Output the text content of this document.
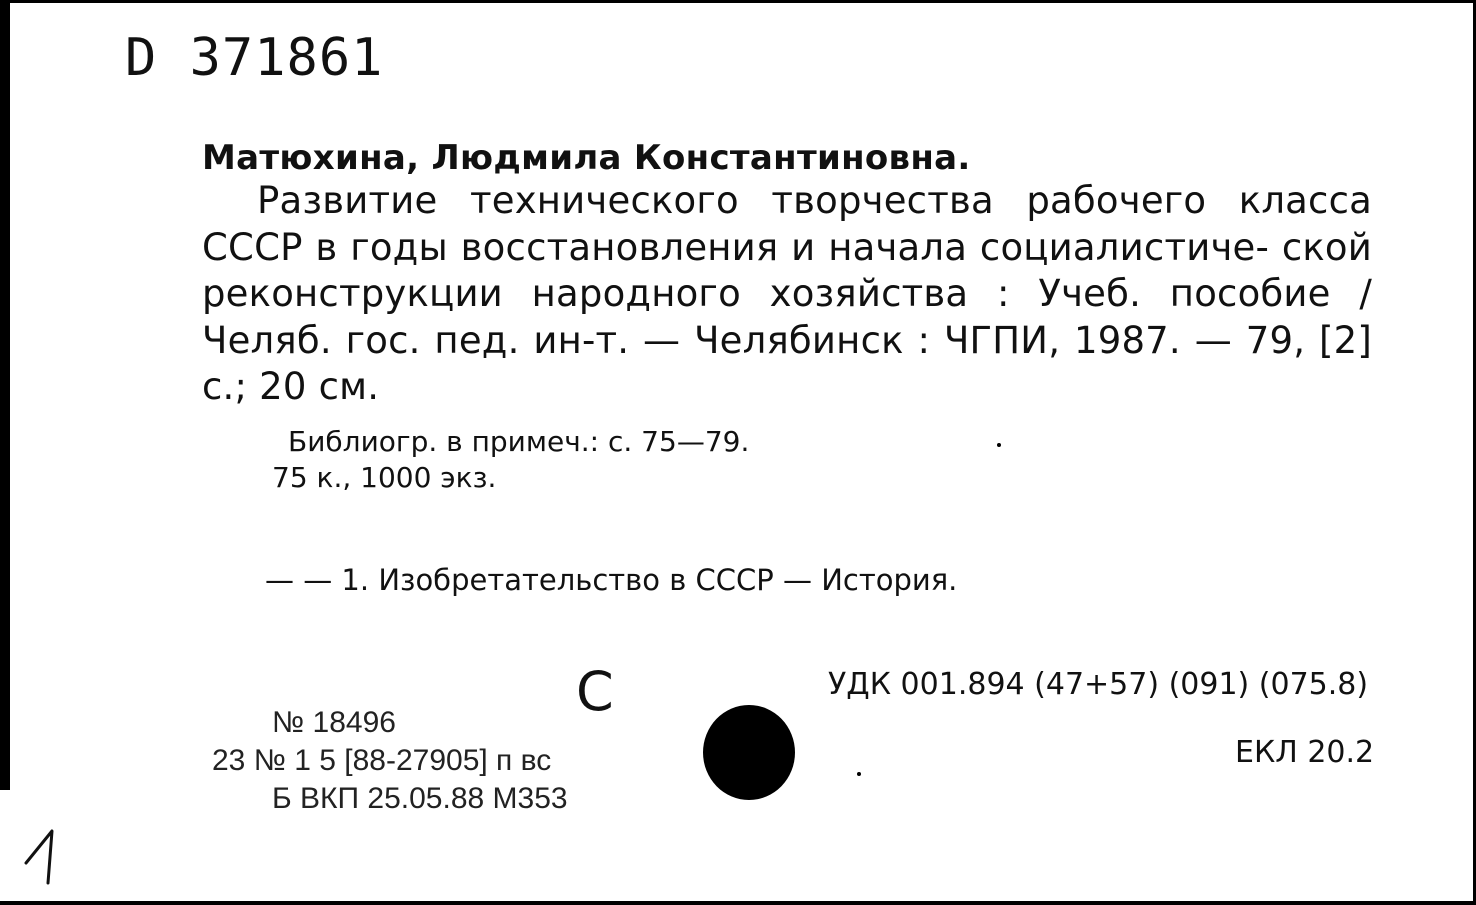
D 371861
Матюхина, Людмила Константиновна.
Развитие технического творчества рабочего класса СССР в годы восстановления и начала социалистиче- ской реконструкции народного хозяйства : Учеб. пособие / Челяб. гос. пед. ин-т. — Челябинск : ЧГПИ, 1987. — 79, [2] с.; 20 см.
Библиогр. в примеч.: с. 75—79.
75 к., 1000 экз.
— — 1. Изобретательство в СССР — История.
С	УДК 001.894 (47+57) (091) (075.8)
ЕКЛ 20.2
№ 18496
23 № 1 5 [88-27905] п вс
Б ВКП 25.05.88 М353
